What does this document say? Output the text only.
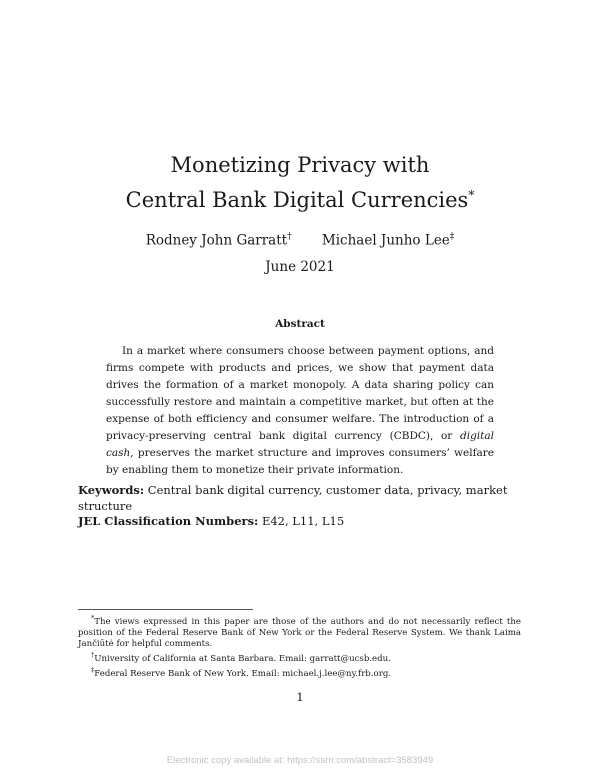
Monetizing Privacy with
Central Bank Digital Currencies*
Rodney John Garratt† Michael Junho Lee‡
June 2021
Abstract

In a market where consumers choose between payment options, and firms compete with products and prices, we show that payment data drives the formation of a market monopoly. A data sharing policy can successfully restore and maintain a competitive market, but often at the expense of both efficiency and consumer welfare. The introduction of a privacy-preserving central bank digital currency (CBDC), or digital cash, preserves the market structure and improves consumers’ welfare by enabling them to monetize their private information.

Keywords: Central bank digital currency, customer data, privacy, market structure

JEL Classification Numbers: E42, L11, L15

*The views expressed in this paper are those of the authors and do not necessarily reflect the position of the Federal Reserve Bank of New York or the Federal Reserve System. We thank Laima Jančiūtė for helpful comments.

†University of California at Santa Barbara. Email: garratt@ucsb.edu.

‡Federal Reserve Bank of New York. Email: michael.j.lee@ny.frb.org.

1
Electronic copy available at: https://ssrn.com/abstract=3583949
